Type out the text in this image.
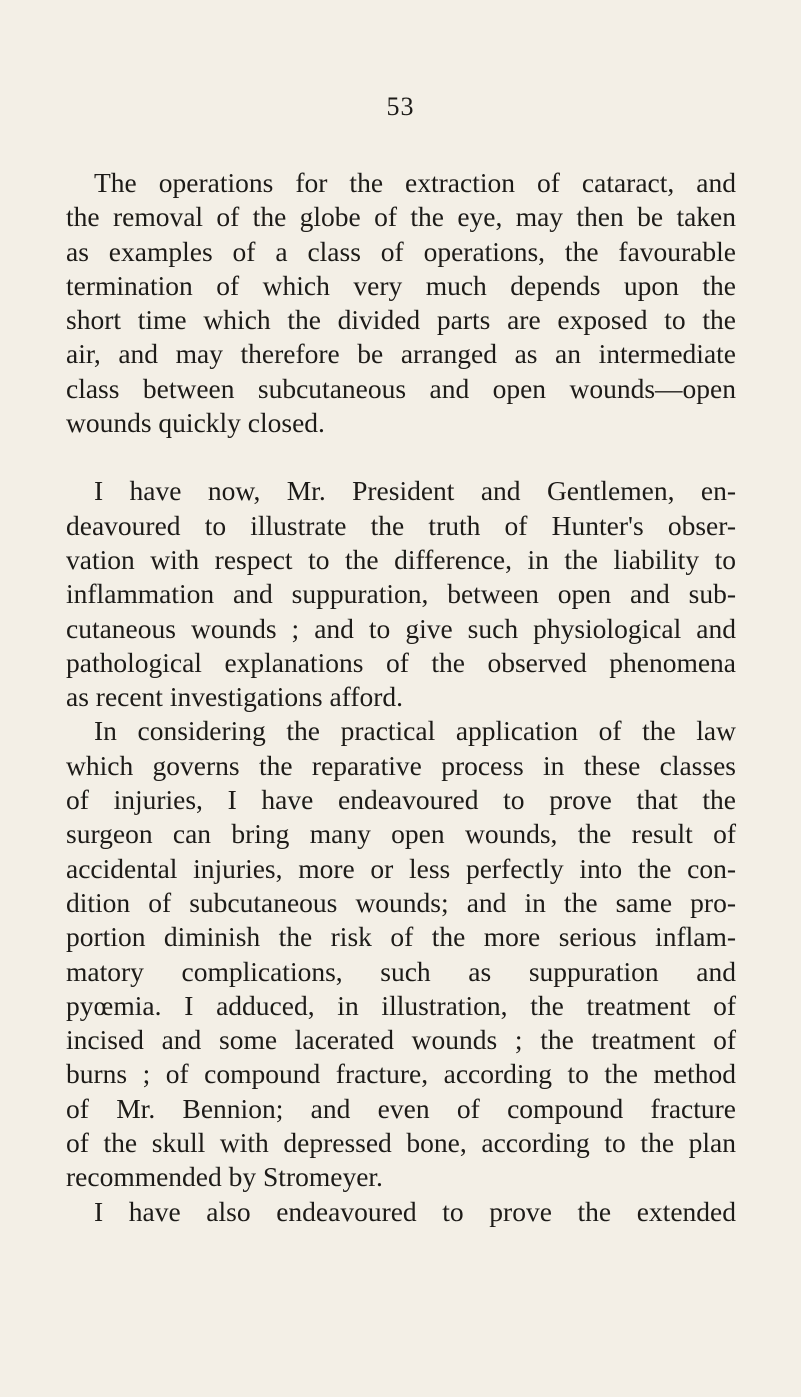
53
The operations for the extraction of cataract, and
the removal of the globe of the eye, may then be taken
as examples of a class of operations, the favourable
termination of which very much depends upon the
short time which the divided parts are exposed to the
air, and may therefore be arranged as an intermediate
class between subcutaneous and open wounds—open
wounds quickly closed.
I have now, Mr. President and Gentlemen, en-
deavoured to illustrate the truth of Hunter's obser-
vation with respect to the difference, in the liability to
inflammation and suppuration, between open and sub-
cutaneous wounds ; and to give such physiological and
pathological explanations of the observed phenomena
as recent investigations afford.
In considering the practical application of the law
which governs the reparative process in these classes
of injuries, I have endeavoured to prove that the
surgeon can bring many open wounds, the result of
accidental injuries, more or less perfectly into the con-
dition of subcutaneous wounds; and in the same pro-
portion diminish the risk of the more serious inflam-
matory complications, such as suppuration and
pyœmia. I adduced, in illustration, the treatment of
incised and some lacerated wounds ; the treatment of
burns ; of compound fracture, according to the method
of Mr. Bennion; and even of compound fracture
of the skull with depressed bone, according to the plan
recommended by Stromeyer.
I have also endeavoured to prove the extended
